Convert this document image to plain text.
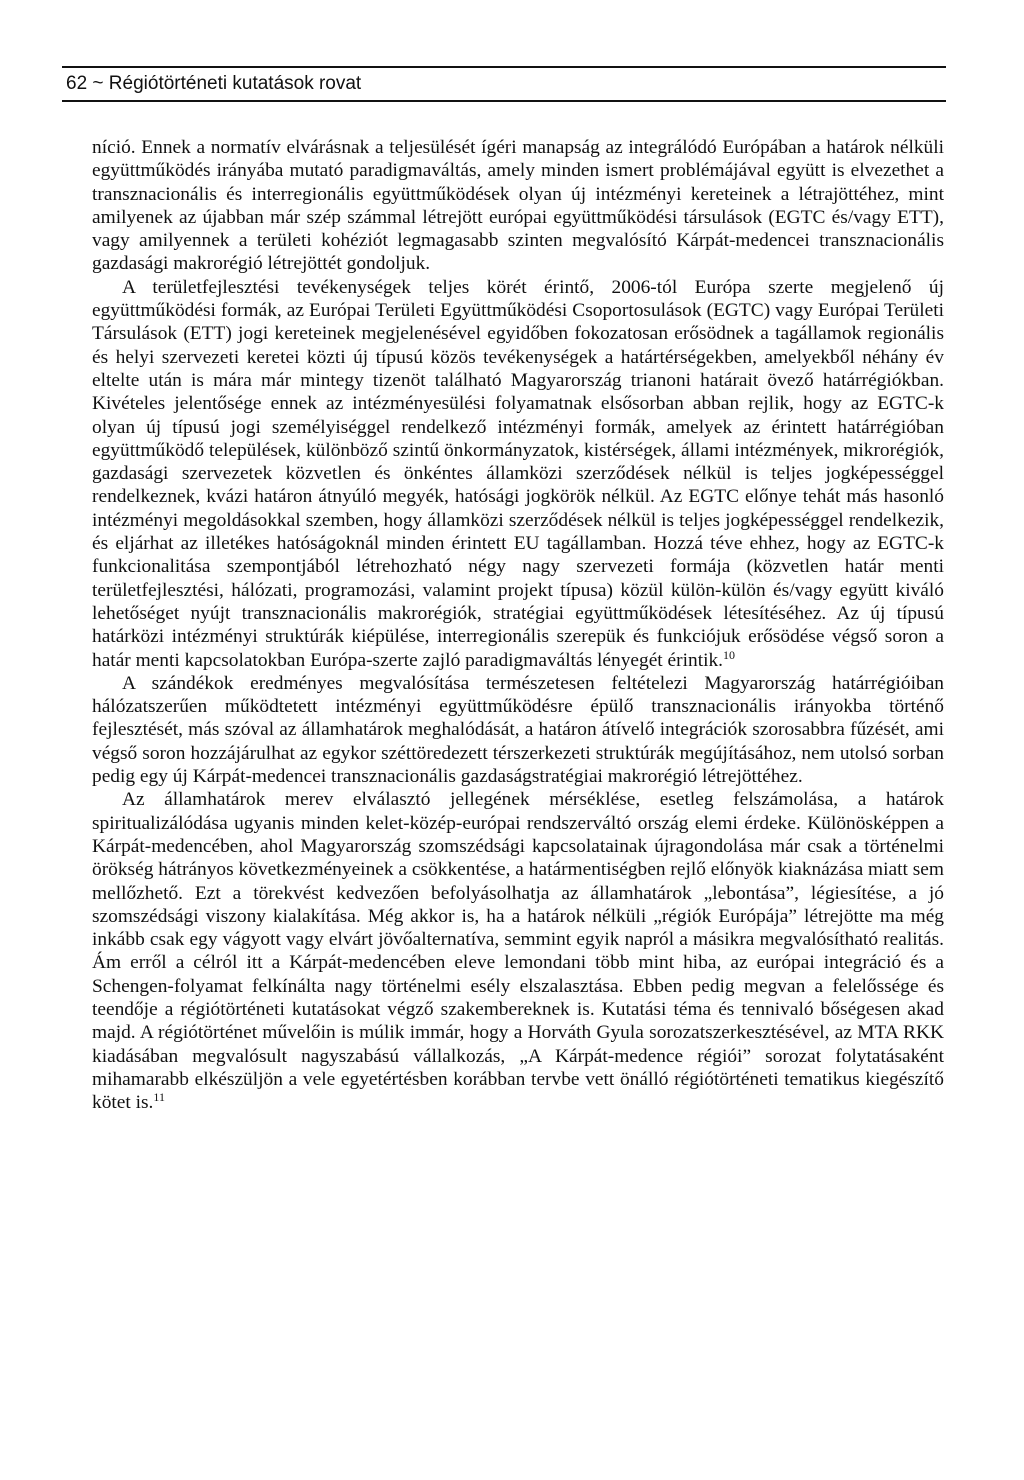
62 ~ Régiótörténeti kutatások rovat

níció. Ennek a normatív elvárásnak a teljesülését ígéri manapság az integrálódó Európában a határok nélküli együttműködés irányába mutató paradigmaváltás, amely minden ismert problémájával együtt is elvezethet a transznacionális és interregionális együttműködések olyan új intézményi kereteinek a létrajöttéhez, mint amilyenek az újabban már szép számmal létrejött európai együttműködési társulások (EGTC és/vagy ETT), vagy amilyennek a területi kohéziót legmagasabb szinten megvalósító Kárpát-medencei transznacionális gazdasági makrorégió létrejöttét gondoljuk.

A területfejlesztési tevékenységek teljes körét érintő, 2006-tól Európa szerte megjelenő új együttműködési formák, az Európai Területi Együttműködési Csoportosulások (EGTC) vagy Európai Területi Társulások (ETT) jogi kereteinek megjelenésével egyidőben fokozatosan erősödnek a tagállamok regionális és helyi szervezeti keretei közti új típusú közös tevékenységek a határtérségekben, amelyekből néhány év eltelte után is mára már mintegy tizenöt található Magyarország trianoni határait övező határrégiókban. Kivételes jelentősége ennek az intézményesülési folyamatnak elsősorban abban rejlik, hogy az EGTC-k olyan új típusú jogi személyiséggel rendelkező intézményi formák, amelyek az érintett határrégióban együttműködő települések, különböző szintű önkormányzatok, kistérségek, állami intézmények, mikrorégiók, gazdasági szervezetek közvetlen és önkéntes államközi szerződések nélkül is teljes jogképességgel rendelkeznek, kvázi határon átnyúló megyék, hatósági jogkörök nélkül. Az EGTC előnye tehát más hasonló intézményi megoldásokkal szemben, hogy államközi szerződések nélkül is teljes jogképességgel rendelkezik, és eljárhat az illetékes hatóságoknál minden érintett EU tagállamban. Hozzá téve ehhez, hogy az EGTC-k funkcionalitása szempontjából létrehozható négy nagy szervezeti formája (közvetlen határ menti területfejlesztési, hálózati, programozási, valamint projekt típusa) közül külön-külön és/vagy együtt kiváló lehetőséget nyújt transznacionális makrorégiók, stratégiai együttműködések létesítéséhez. Az új típusú határközi intézményi struktúrák kiépülése, interregionális szerepük és funkciójuk erősödése végső soron a határ menti kapcsolatokban Európa-szerte zajló paradigmaváltás lényegét érintik.$^{10}$

A szándékok eredményes megvalósítása természetesen feltételezi Magyarország határrégióiban hálózatszerűen működtetett intézményi együttműködésre épülő transznacionális irányokba történő fejlesztését, más szóval az államhatárok meghalódását, a határon átívelő integrációk szorosabbra fűzését, ami végső soron hozzájárulhat az egykor széttöredezett térszerkezeti struktúrák megújításához, nem utolsó sorban pedig egy új Kárpát-medencei transznacionális gazdaságstratégiai makrorégió létrejöttéhez.

Az államhatárok merev elválasztó jellegének mérséklése, esetleg felszámolása, a határok spiritualizálódása ugyanis minden kelet-közép-európai rendszerváltó ország elemi érdeke. Különösképpen a Kárpát-medencében, ahol Magyarország szomszédsági kapcsolatainak újragondolása már csak a történelmi örökség hátrányos következményeinek a csökkentése, a határmentiségben rejlő előnyök kiaknázása miatt sem mellőzhető. Ezt a törekvést kedvezően befolyásolhatja az államhatárok „lebontása”, légiesítése, a jó szomszédsági viszony kialakítása. Még akkor is, ha a határok nélküli „régiók Európája” létrejötte ma még inkább csak egy vágyott vagy elvárt jövőalternatíva, semmint egyik napról a másikra megvalósítható realitás. Ám erről a célról itt a Kárpát-medencében eleve lemondani több mint hiba, az európai integráció és a Schengen-folyamat felkínálta nagy történelmi esély elszalasztása. Ebben pedig megvan a felelőssége és teendője a régiótörténeti kutatásokat végző szakembereknek is. Kutatási téma és tennivaló bőségesen akad majd. A régiótörténet művelőin is múlik immár, hogy a Horváth Gyula sorozatszerkesztésével, az MTA RKK kiadásában megvalósult nagyszabású vállalkozás, „A Kárpát-medence régiói” sorozat folytatásaként mihamarabb elkészüljön a vele egyetértésben korábban tervbe vett önálló régiótörténeti tematikus kiegészítő kötet is.$^{11}$
